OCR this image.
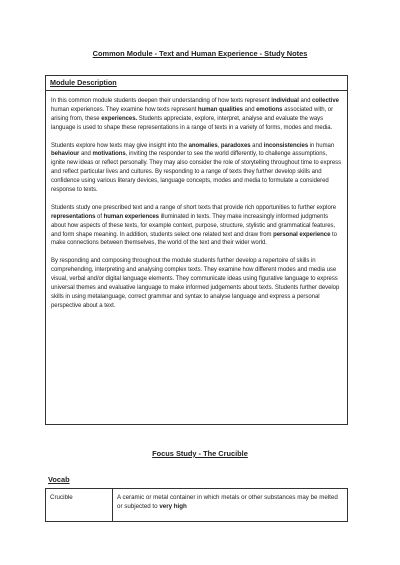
Common Module - Text and Human Experience - Study Notes
Module Description

In this common module students deepen their understanding of how texts represent individual and collective human experiences. They examine how texts represent human qualities and emotions associated with, or arising from, these experiences. Students appreciate, explore, interpret, analyse and evaluate the ways language is used to shape these representations in a range of texts in a variety of forms, modes and media.

Students explore how texts may give insight into the anomalies, paradoxes and inconsistencies in human behaviour and motivations, inviting the responder to see the world differently, to challenge assumptions, ignite new ideas or reflect personally. They may also consider the role of storytelling throughout time to express and reflect particular lives and cultures. By responding to a range of texts they further develop skills and confidence using various literary devices, language concepts, modes and media to formulate a considered response to texts.

Students study one prescribed text and a range of short texts that provide rich opportunities to further explore representations of human experiences illuminated in texts. They make increasingly informed judgments about how aspects of these texts, for example context, purpose, structure, stylistic and grammatical features, and form shape meaning. In addition, students select one related text and draw from personal experience to make connections between themselves, the world of the text and their wider world.

By responding and composing throughout the module students further develop a repertoire of skills in comprehending, interpreting and analysing complex texts. They examine how different modes and media use visual, verbal and/or digital language elements. They communicate ideas using figurative language to express universal themes and evaluative language to make informed judgements about texts. Students further develop skills in using metalanguage, correct grammar and syntax to analyse language and express a personal perspective about a text.

Focus Study - The Crucible
Vocab
Crucible	A ceramic or metal container in which metals or other substances may be melted or subjected to very high
